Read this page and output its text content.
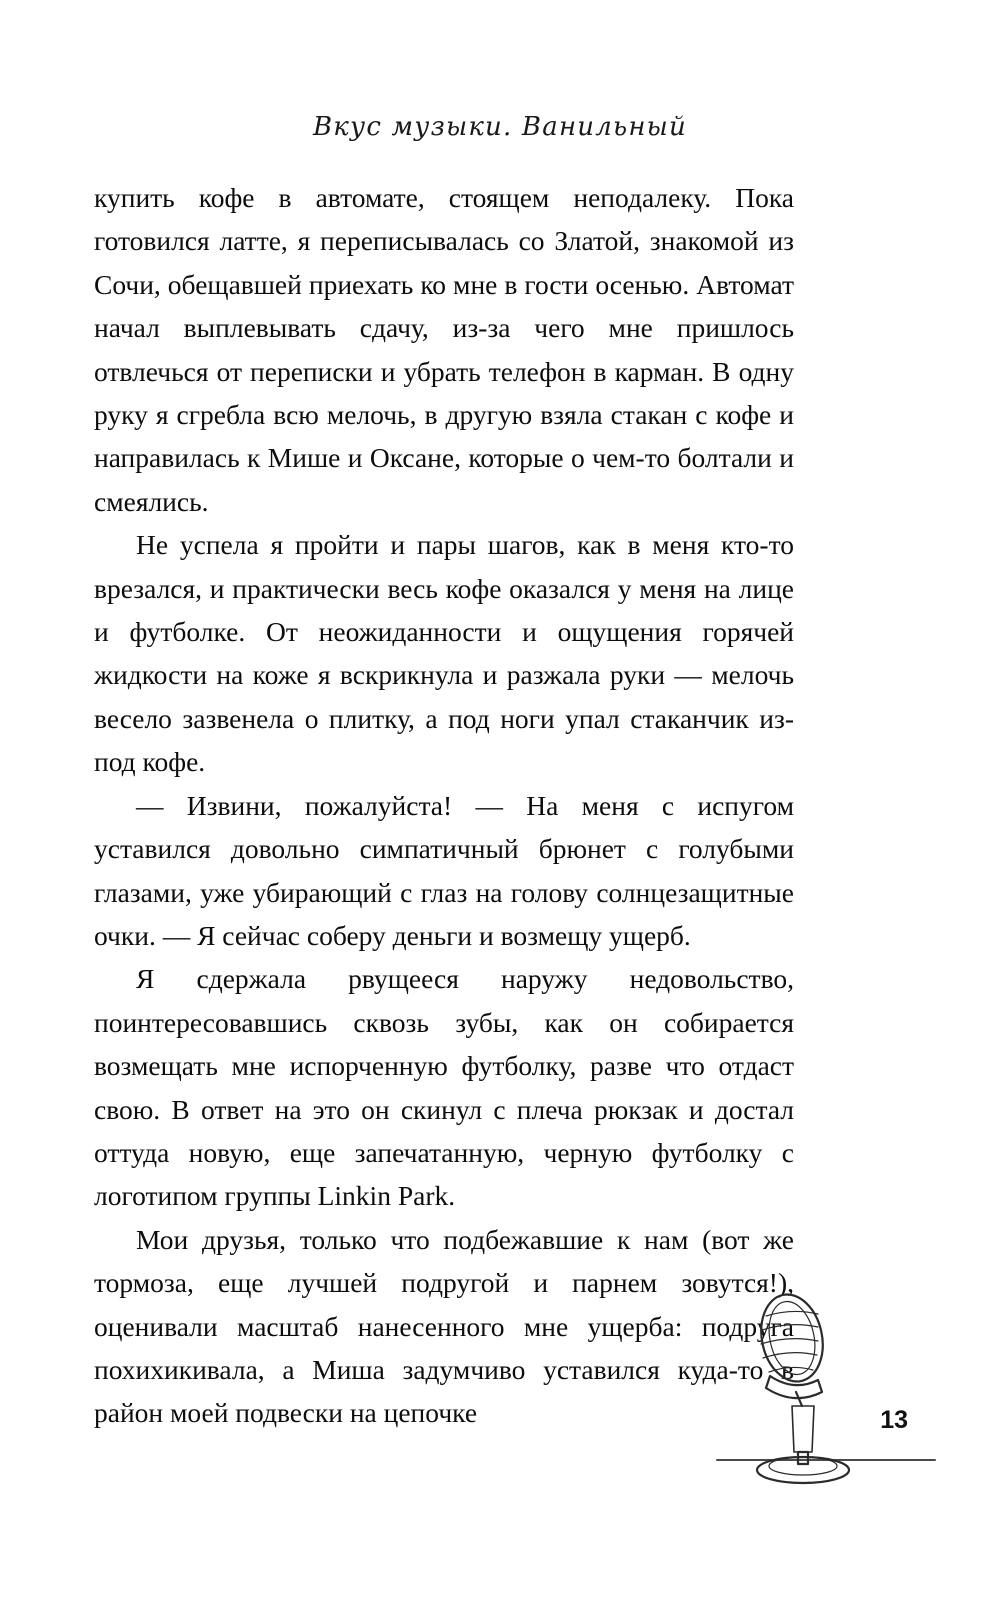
Вкус музыки. Ванильный

купить кофе в автомате, стоящем неподалеку. Пока готовился латте, я переписывалась со Златой, знакомой из Сочи, обещавшей приехать ко мне в гости осенью. Автомат начал выплевывать сдачу, из-за чего мне пришлось отвлечься от переписки и убрать телефон в карман. В одну руку я сгребла всю мелочь, в другую взяла стакан с кофе и направилась к Мише и Оксане, которые о чем-то болтали и смеялись.

Не успела я пройти и пары шагов, как в меня кто-то врезался, и практически весь кофе оказался у меня на лице и футболке. От неожиданности и ощущения горячей жидкости на коже я вскрикнула и разжала руки — мелочь весело зазвенела о плитку, а под ноги упал стаканчик из-под кофе.

— Извини, пожалуйста! — На меня с испугом уставился довольно симпатичный брюнет с голубыми глазами, уже убирающий с глаз на голову солнцезащитные очки. — Я сейчас соберу деньги и возмещу ущерб.

Я сдержала рвущееся наружу недовольство, поинтересовавшись сквозь зубы, как он собирается возмещать мне испорченную футболку, разве что отдаст свою. В ответ на это он скинул с плеча рюкзак и достал оттуда новую, еще запечатанную, черную футболку с логотипом группы Linkin Park.

Мои друзья, только что подбежавшие к нам (вот же тормоза, еще лучшей подругой и парнем зовутся!), оценивали масштаб нанесенного мне ущерба: подруга похихикивала, а Миша задумчиво уставился куда-то в район моей подвески на цепочке	13
